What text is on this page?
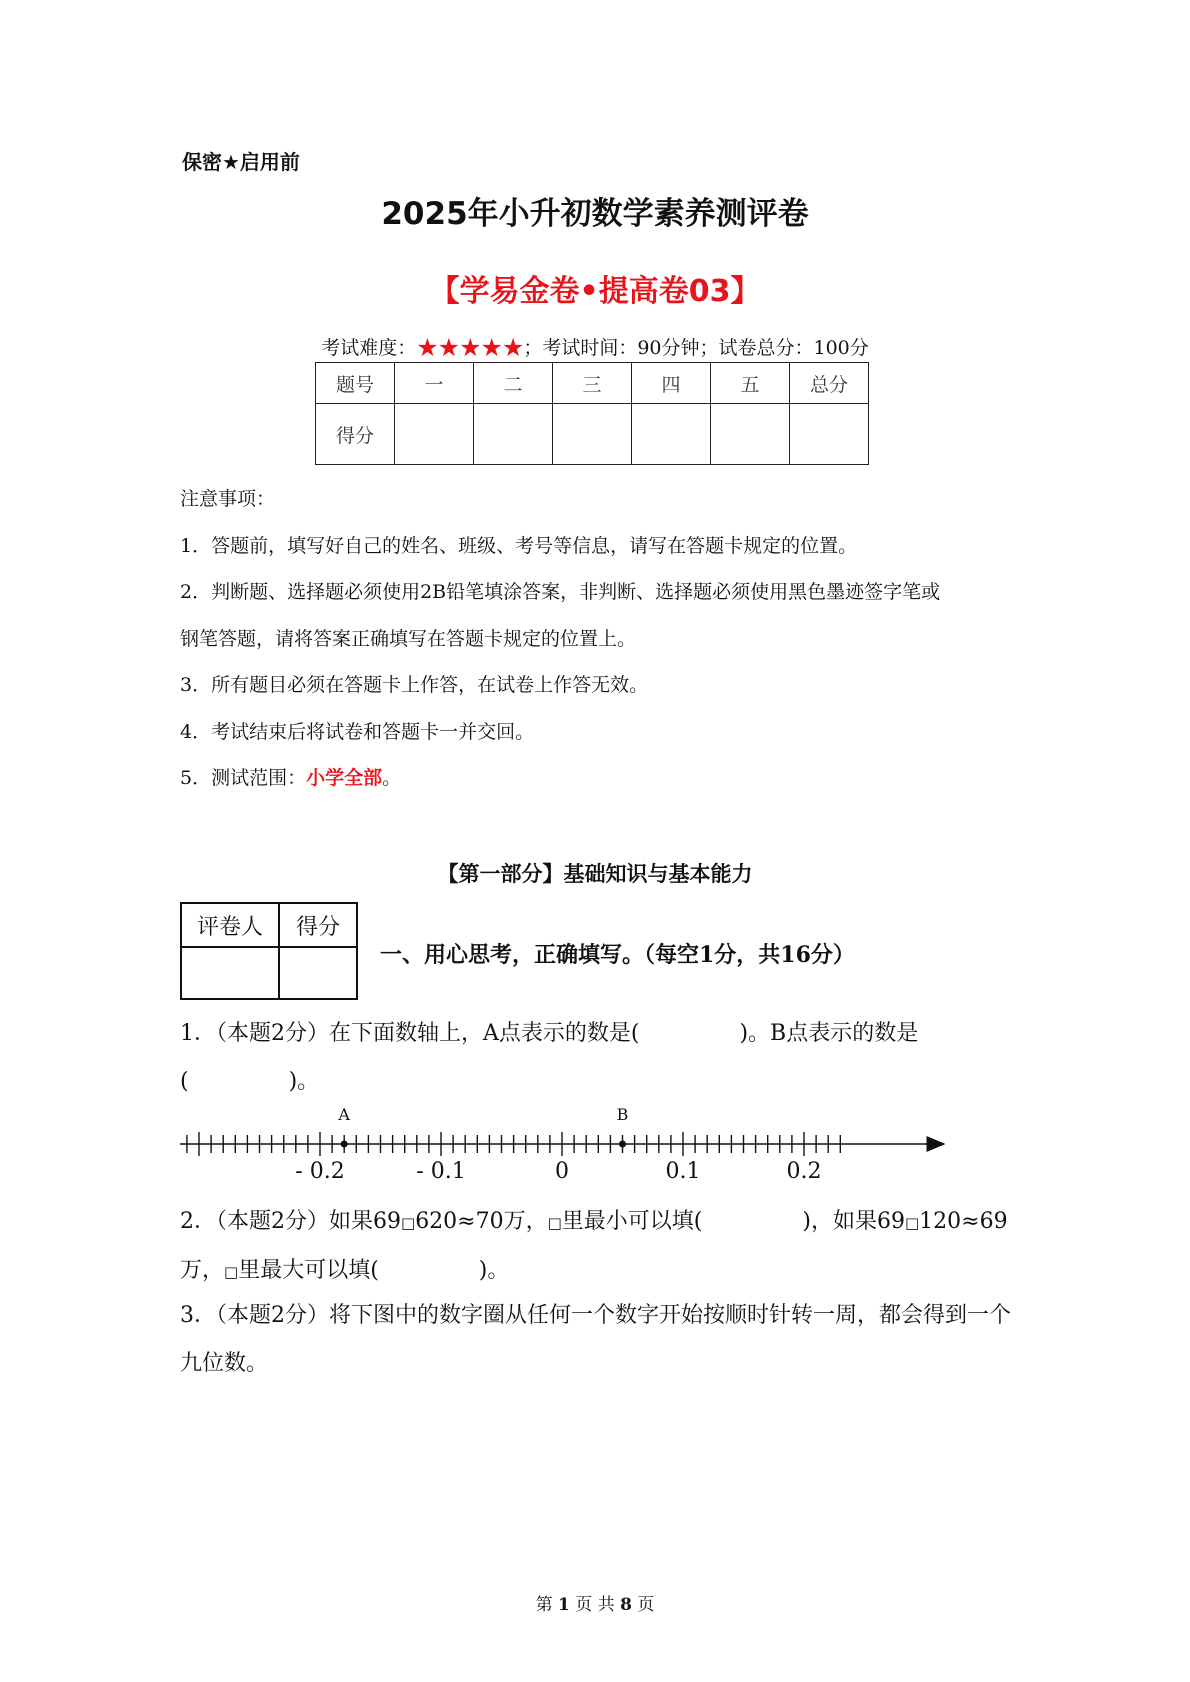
保密★启用前
2025年小升初数学素养测评卷
【学易金卷•提高卷03】
考试难度：★★★★★；考试时间：90分钟；试卷总分：100分
题号	一	二	三	四	五	总分
得分						

注意事项：

1．答题前，填写好自己的姓名、班级、考号等信息，请写在答题卡规定的位置。

2．判断题、选择题必须使用2B铅笔填涂答案，非判断、选择题必须使用黑色墨迹签字笔或

钢笔答题，请将答案正确填写在答题卡规定的位置上。

3．所有题目必须在答题卡上作答，在试卷上作答无效。

4．考试结束后将试卷和答题卡一并交回。

5．测试范围：小学全部。

【第一部分】基础知识与基本能力
评卷人	得分

一、用心思考，正确填写。（每空1分，共16分）
1．（本题2分）在下面数轴上，A点表示的数是(	)。B点表示的数是
(	)。
- 0.2	- 0.1	0	0.1	0.2
A	B
2．（本题2分）如果69□620≈70万，□里最小可以填(	)，如果69□120≈69
万，□里最大可以填(	)。
3．（本题2分）将下图中的数字圈从任何一个数字开始按顺时针转一周，都会得到一个九位数。
第 1 页 共 8 页
